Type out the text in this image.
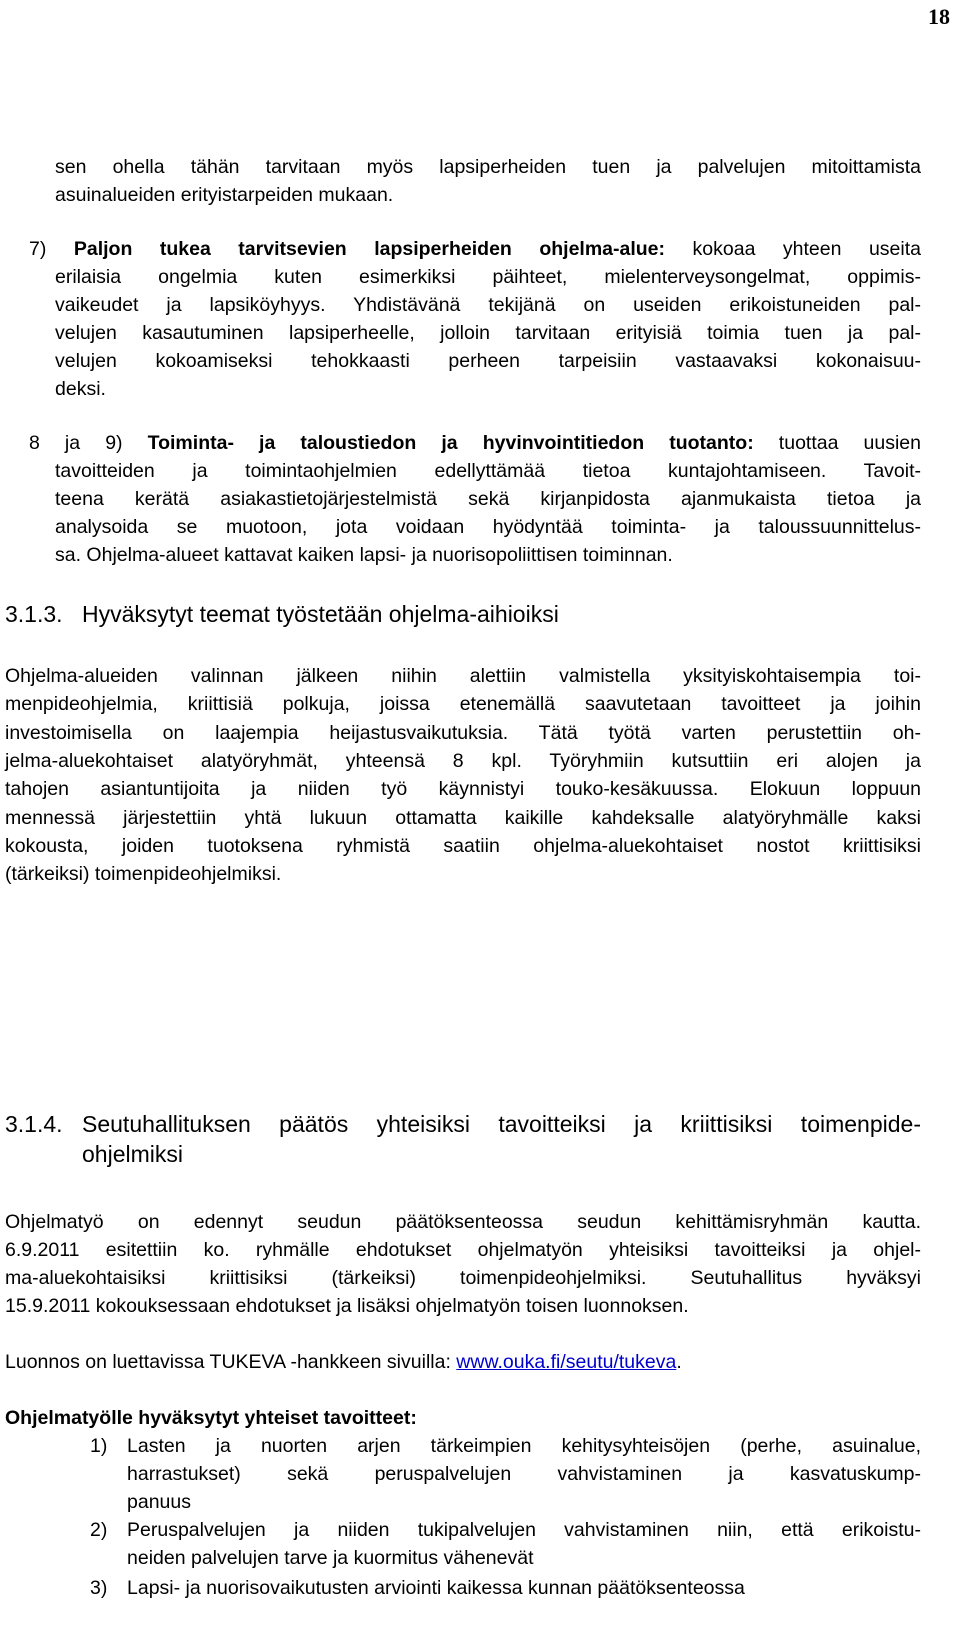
18
sen ohella tähän tarvitaan myös lapsiperheiden tuen ja palvelujen mitoittamista
asuinalueiden erityistarpeiden mukaan.
7) Paljon tukea tarvitsevien lapsiperheiden ohjelma-alue: kokoaa yhteen useita
erilaisia ongelmia kuten esimerkiksi päihteet, mielenterveysongelmat, oppimis-
vaikeudet ja lapsiköyhyys. Yhdistävänä tekijänä on useiden erikoistuneiden pal-
velujen kasautuminen lapsiperheelle, jolloin tarvitaan erityisiä toimia tuen ja pal-
velujen kokoamiseksi tehokkaasti perheen tarpeisiin vastaavaksi kokonaisuu-
deksi.
8 ja 9) Toiminta- ja taloustiedon ja hyvinvointitiedon tuotanto: tuottaa uusien
tavoitteiden ja toimintaohjelmien edellyttämää tietoa kuntajohtamiseen. Tavoit-
teena kerätä asiakastietojärjestelmistä sekä kirjanpidosta ajanmukaista tietoa ja
analysoida se muotoon, jota voidaan hyödyntää toiminta- ja taloussuunnittelus-
sa. Ohjelma-alueet kattavat kaiken lapsi- ja nuorisopoliittisen toiminnan.
3.1.3. Hyväksytyt teemat työstetään ohjelma-aihioiksi
Ohjelma-alueiden valinnan jälkeen niihin alettiin valmistella yksityiskohtaisempia toi-
menpideohjelmia, kriittisiä polkuja, joissa etenemällä saavutetaan tavoitteet ja joihin
investoimisella on laajempia heijastusvaikutuksia. Tätä työtä varten perustettiin oh-
jelma-aluekohtaiset alatyöryhmät, yhteensä 8 kpl. Työryhmiin kutsuttiin eri alojen ja
tahojen asiantuntijoita ja niiden työ käynnistyi touko-kesäkuussa. Elokuun loppuun
mennessä järjestettiin yhtä lukuun ottamatta kaikille kahdeksalle alatyöryhmälle kaksi
kokousta, joiden tuotoksena ryhmistä saatiin ohjelma-aluekohtaiset nostot kriittisiksi
(tärkeiksi) toimenpideohjelmiksi.
3.1.4. Seutuhallituksen päätös yhteisiksi tavoitteiksi ja kriittisiksi toimenpide-
ohjelmiksi
Ohjelmatyö on edennyt seudun päätöksenteossa seudun kehittämisryhmän kautta.
6.9.2011 esitettiin ko. ryhmälle ehdotukset ohjelmatyön yhteisiksi tavoitteiksi ja ohjel-
ma-aluekohtaisiksi kriittisiksi (tärkeiksi) toimenpideohjelmiksi. Seutuhallitus hyväksyi
15.9.2011 kokouksessaan ehdotukset ja lisäksi ohjelmatyön toisen luonnoksen.
Luonnos on luettavissa TUKEVA -hankkeen sivuilla: www.ouka.fi/seutu/tukeva.
Ohjelmatyölle hyväksytyt yhteiset tavoitteet:
1) Lasten ja nuorten arjen tärkeimpien kehitysyhteisöjen (perhe, asuinalue,
harrastukset) sekä peruspalvelujen vahvistaminen ja kasvatuskump-
panuus
2) Peruspalvelujen ja niiden tukipalvelujen vahvistaminen niin, että erikoistu-
neiden palvelujen tarve ja kuormitus vähenevät
3) Lapsi- ja nuorisovaikutusten arviointi kaikessa kunnan päätöksenteossa
